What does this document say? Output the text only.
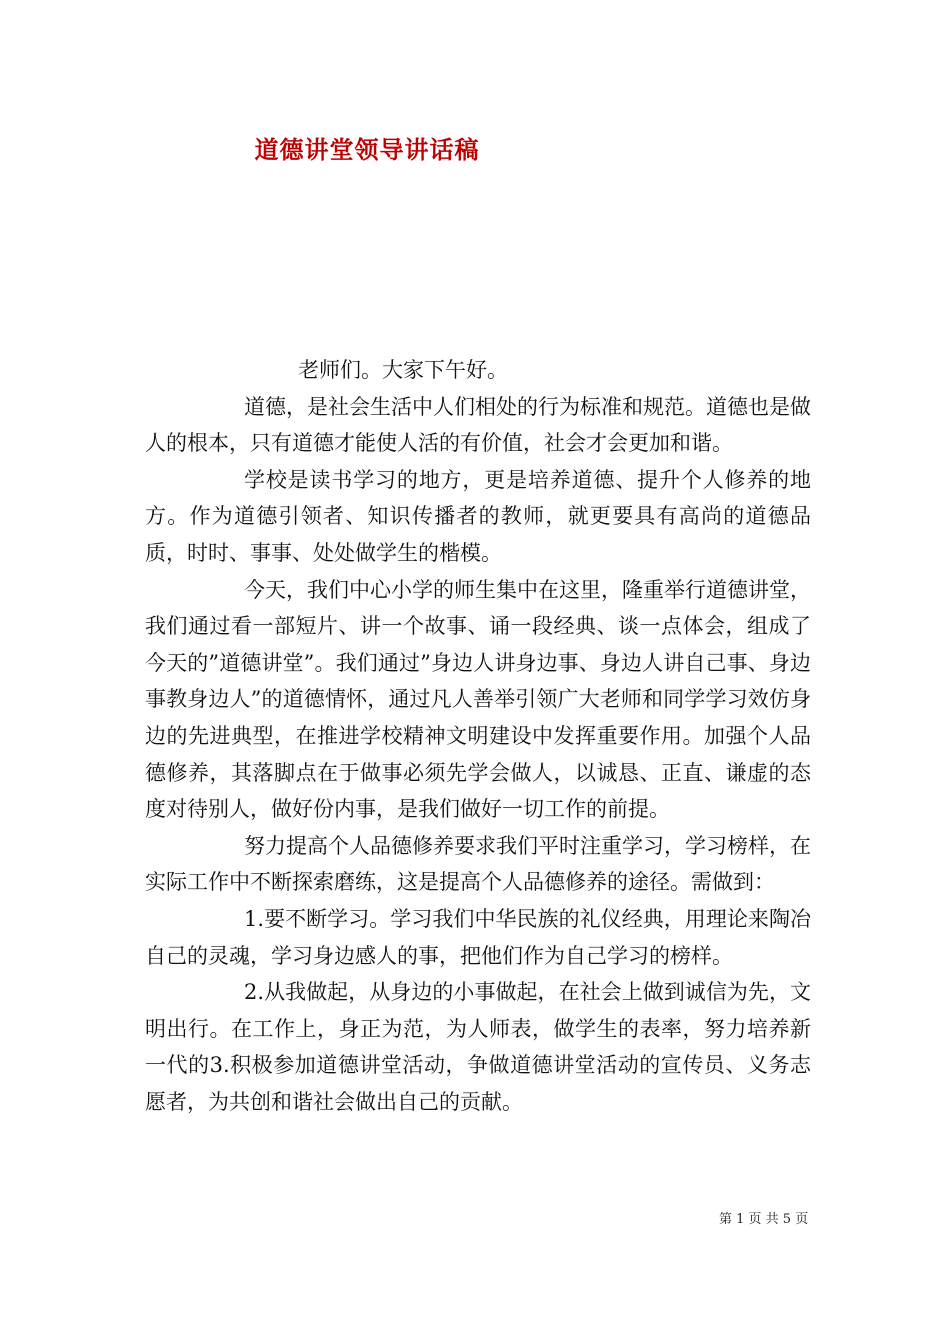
道德讲堂领导讲话稿

老师们。大家下午好。

道德，是社会生活中人们相处的行为标准和规范。道德也是做人的根本，只有道德才能使人活的有价值，社会才会更加和谐。

学校是读书学习的地方，更是培养道德、提升个人修养的地方。作为道德引领者、知识传播者的教师，就更要具有高尚的道德品质，时时、事事、处处做学生的楷模。

今天，我们中心小学的师生集中在这里，隆重举行道德讲堂，我们通过看一部短片、讲一个故事、诵一段经典、谈一点体会，组成了今天的”道德讲堂”。我们通过”身边人讲身边事、身边人讲自己事、身边事教身边人”的道德情怀，通过凡人善举引领广大老师和同学学习效仿身边的先进典型，在推进学校精神文明建设中发挥重要作用。加强个人品德修养，其落脚点在于做事必须先学会做人，以诚恳、正直、谦虚的态度对待别人，做好份内事，是我们做好一切工作的前提。

努力提高个人品德修养要求我们平时注重学习，学习榜样，在实际工作中不断探索磨练，这是提高个人品德修养的途径。需做到：

1.要不断学习。学习我们中华民族的礼仪经典，用理论来陶冶自己的灵魂，学习身边感人的事，把他们作为自己学习的榜样。

2.从我做起，从身边的小事做起，在社会上做到诚信为先，文明出行。在工作上，身正为范，为人师表，做学生的表率，努力培养新一代的3.积极参加道德讲堂活动，争做道德讲堂活动的宣传员、义务志愿者，为共创和谐社会做出自己的贡献。

第 1 页 共 5 页
